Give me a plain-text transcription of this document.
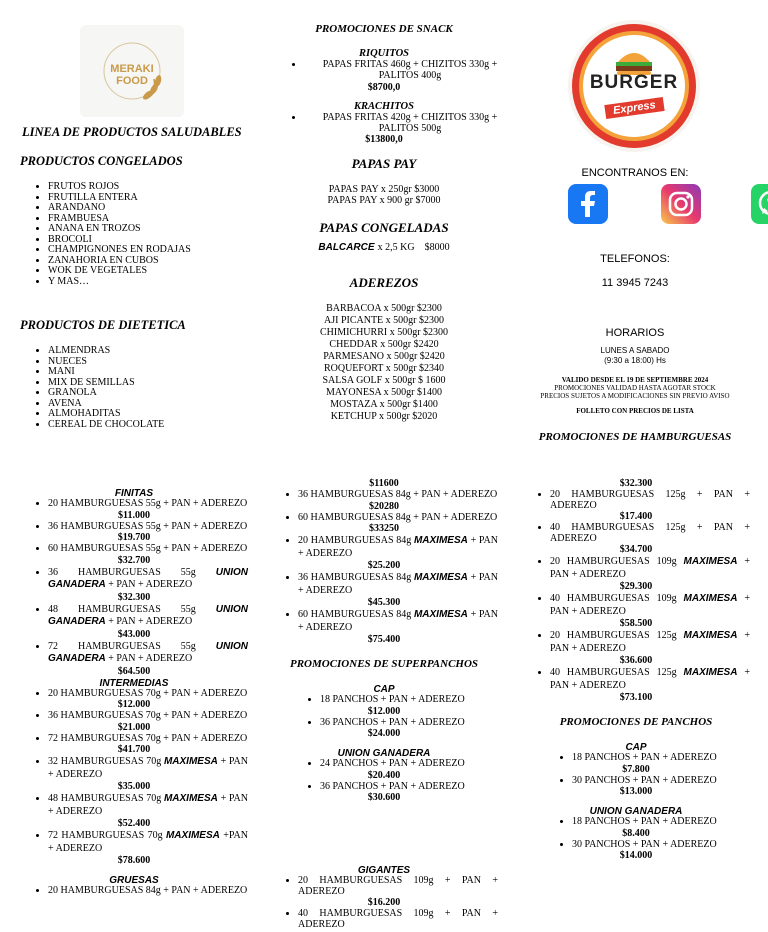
MERAKI
FOOD
LINEA DE PRODUCTOS SALUDABLES
PRODUCTOS CONGELADOS
• FRUTOS ROJOS
• FRUTILLA ENTERA
• ARANDANO
• FRAMBUESA
• ANANA EN TROZOS
• BROCOLI
• CHAMPIGNONES EN RODAJAS
• ZANAHORIA EN CUBOS
• WOK DE VEGETALES
• Y MAS…
PRODUCTOS DE DIETETICA
• ALMENDRAS
• NUECES
• MANI
• MIX DE SEMILLAS
• GRANOLA
• AVENA
• ALMOHADITAS
• CEREAL DE CHOCOLATE
PROMOCIONES DE SNACK
RIQUITOS
• PAPAS FRITAS 460g + CHIZITOS 330g + PALITOS 400g
$8700,0
KRACHITOS
• PAPAS FRITAS 420g + CHIZITOS 330g + PALITOS 500g
$13800,0
PAPAS PAY
PAPAS PAY x 250gr $3000
PAPAS PAY x 900 gr $7000
PAPAS CONGELADAS
BALCARCE x 2,5 KG    $8000
ADEREZOS
BARBACOA x 500gr $2300
AJI PICANTE x 500gr $2300
CHIMICHURRI x 500gr $2300
CHEDDAR x 500gr $2420
PARMESANO x 500gr $2420
ROQUEFORT x 500gr $2340
SALSA GOLF x 500gr $ 1600
MAYONESA x 500gr $1400
MOSTAZA x 500gr $1400
KETCHUP x 500gr $2020
BURGER
Express
ENCONTRANOS EN:

TELEFONOS:
11 3945 7243
HORARIOS
LUNES A SABADO
(9:30 a 18:00) Hs
VALIDO DESDE EL 19 DE SEPTIEMBRE 2024
PROMOCIONES VALIDAD HASTA AGOTAR STOCK
PRECIOS SUJETOS A MODIFICACIONES SIN PREVIO AVISO
FOLLETO CON PRECIOS DE LISTA
PROMOCIONES DE HAMBURGUESAS
FINITAS
• 20 HAMBURGUESAS 55g + PAN + ADEREZO
$11.000
• 36 HAMBURGUESAS 55g + PAN + ADEREZO
$19.700
• 60 HAMBURGUESAS 55g + PAN + ADEREZO
$32.700
• 36 HAMBURGUESAS 55g UNION GANADERA + PAN + ADEREZO
$32.300
• 48 HAMBURGUESAS 55g UNION GANADERA + PAN + ADEREZO
$43.000
• 72 HAMBURGUESAS 55g UNION GANADERA + PAN + ADEREZO
$64.500
INTERMEDIAS
• 20 HAMBURGUESAS 70g + PAN + ADEREZO
$12.000
• 36 HAMBURGUESAS 70g + PAN + ADEREZO
$21.000
• 72 HAMBURGUESAS 70g + PAN + ADEREZO
$41.700
• 32 HAMBURGUESAS 70g MAXIMESA + PAN + ADEREZO
$35.000
• 48 HAMBURGUESAS 70g MAXIMESA + PAN + ADEREZO
$52.400
• 72 HAMBURGUESAS 70g MAXIMESA +PAN + ADEREZO
$78.600
GRUESAS
• 20 HAMBURGUESAS 84g + PAN + ADEREZO
$11600
• 36 HAMBURGUESAS 84g + PAN + ADEREZO
$20280
• 60 HAMBURGUESAS 84g + PAN + ADEREZO
$33250
• 20 HAMBURGUESAS 84g MAXIMESA + PAN + ADEREZO
$25.200
• 36 HAMBURGUESAS 84g MAXIMESA + PAN + ADEREZO
$45.300
• 60 HAMBURGUESAS 84g MAXIMESA + PAN + ADEREZO
$75.400
PROMOCIONES DE SUPERPANCHOS
CAP
• 18 PANCHOS + PAN + ADEREZO
$12.000
• 36 PANCHOS + PAN + ADEREZO
$24.000
UNION GANADERA
• 24 PANCHOS + PAN + ADEREZO
$20.400
• 36 PANCHOS + PAN + ADEREZO
$30.600
GIGANTES
• 20 HAMBURGUESAS 109g + PAN + ADEREZO
$16.200
• 40 HAMBURGUESAS 109g + PAN + ADEREZO
$32.300
• 20 HAMBURGUESAS 125g + PAN + ADEREZO
$17.400
• 40 HAMBURGUESAS 125g + PAN + ADEREZO
$34.700
• 20 HAMBURGUESAS 109g MAXIMESA + PAN + ADEREZO
$29.300
• 40 HAMBURGUESAS 109g MAXIMESA + PAN + ADEREZO
$58.500
• 20 HAMBURGUESAS 125g MAXIMESA + PAN + ADEREZO
$36.600
• 40 HAMBURGUESAS 125g MAXIMESA + PAN + ADEREZO
$73.100
PROMOCIONES DE PANCHOS
CAP
• 18 PANCHOS + PAN + ADEREZO
$7.800
• 30 PANCHOS + PAN + ADEREZO
$13.000
UNION GANADERA
• 18 PANCHOS + PAN + ADEREZO
$8.400
• 30 PANCHOS + PAN + ADEREZO
$14.000
